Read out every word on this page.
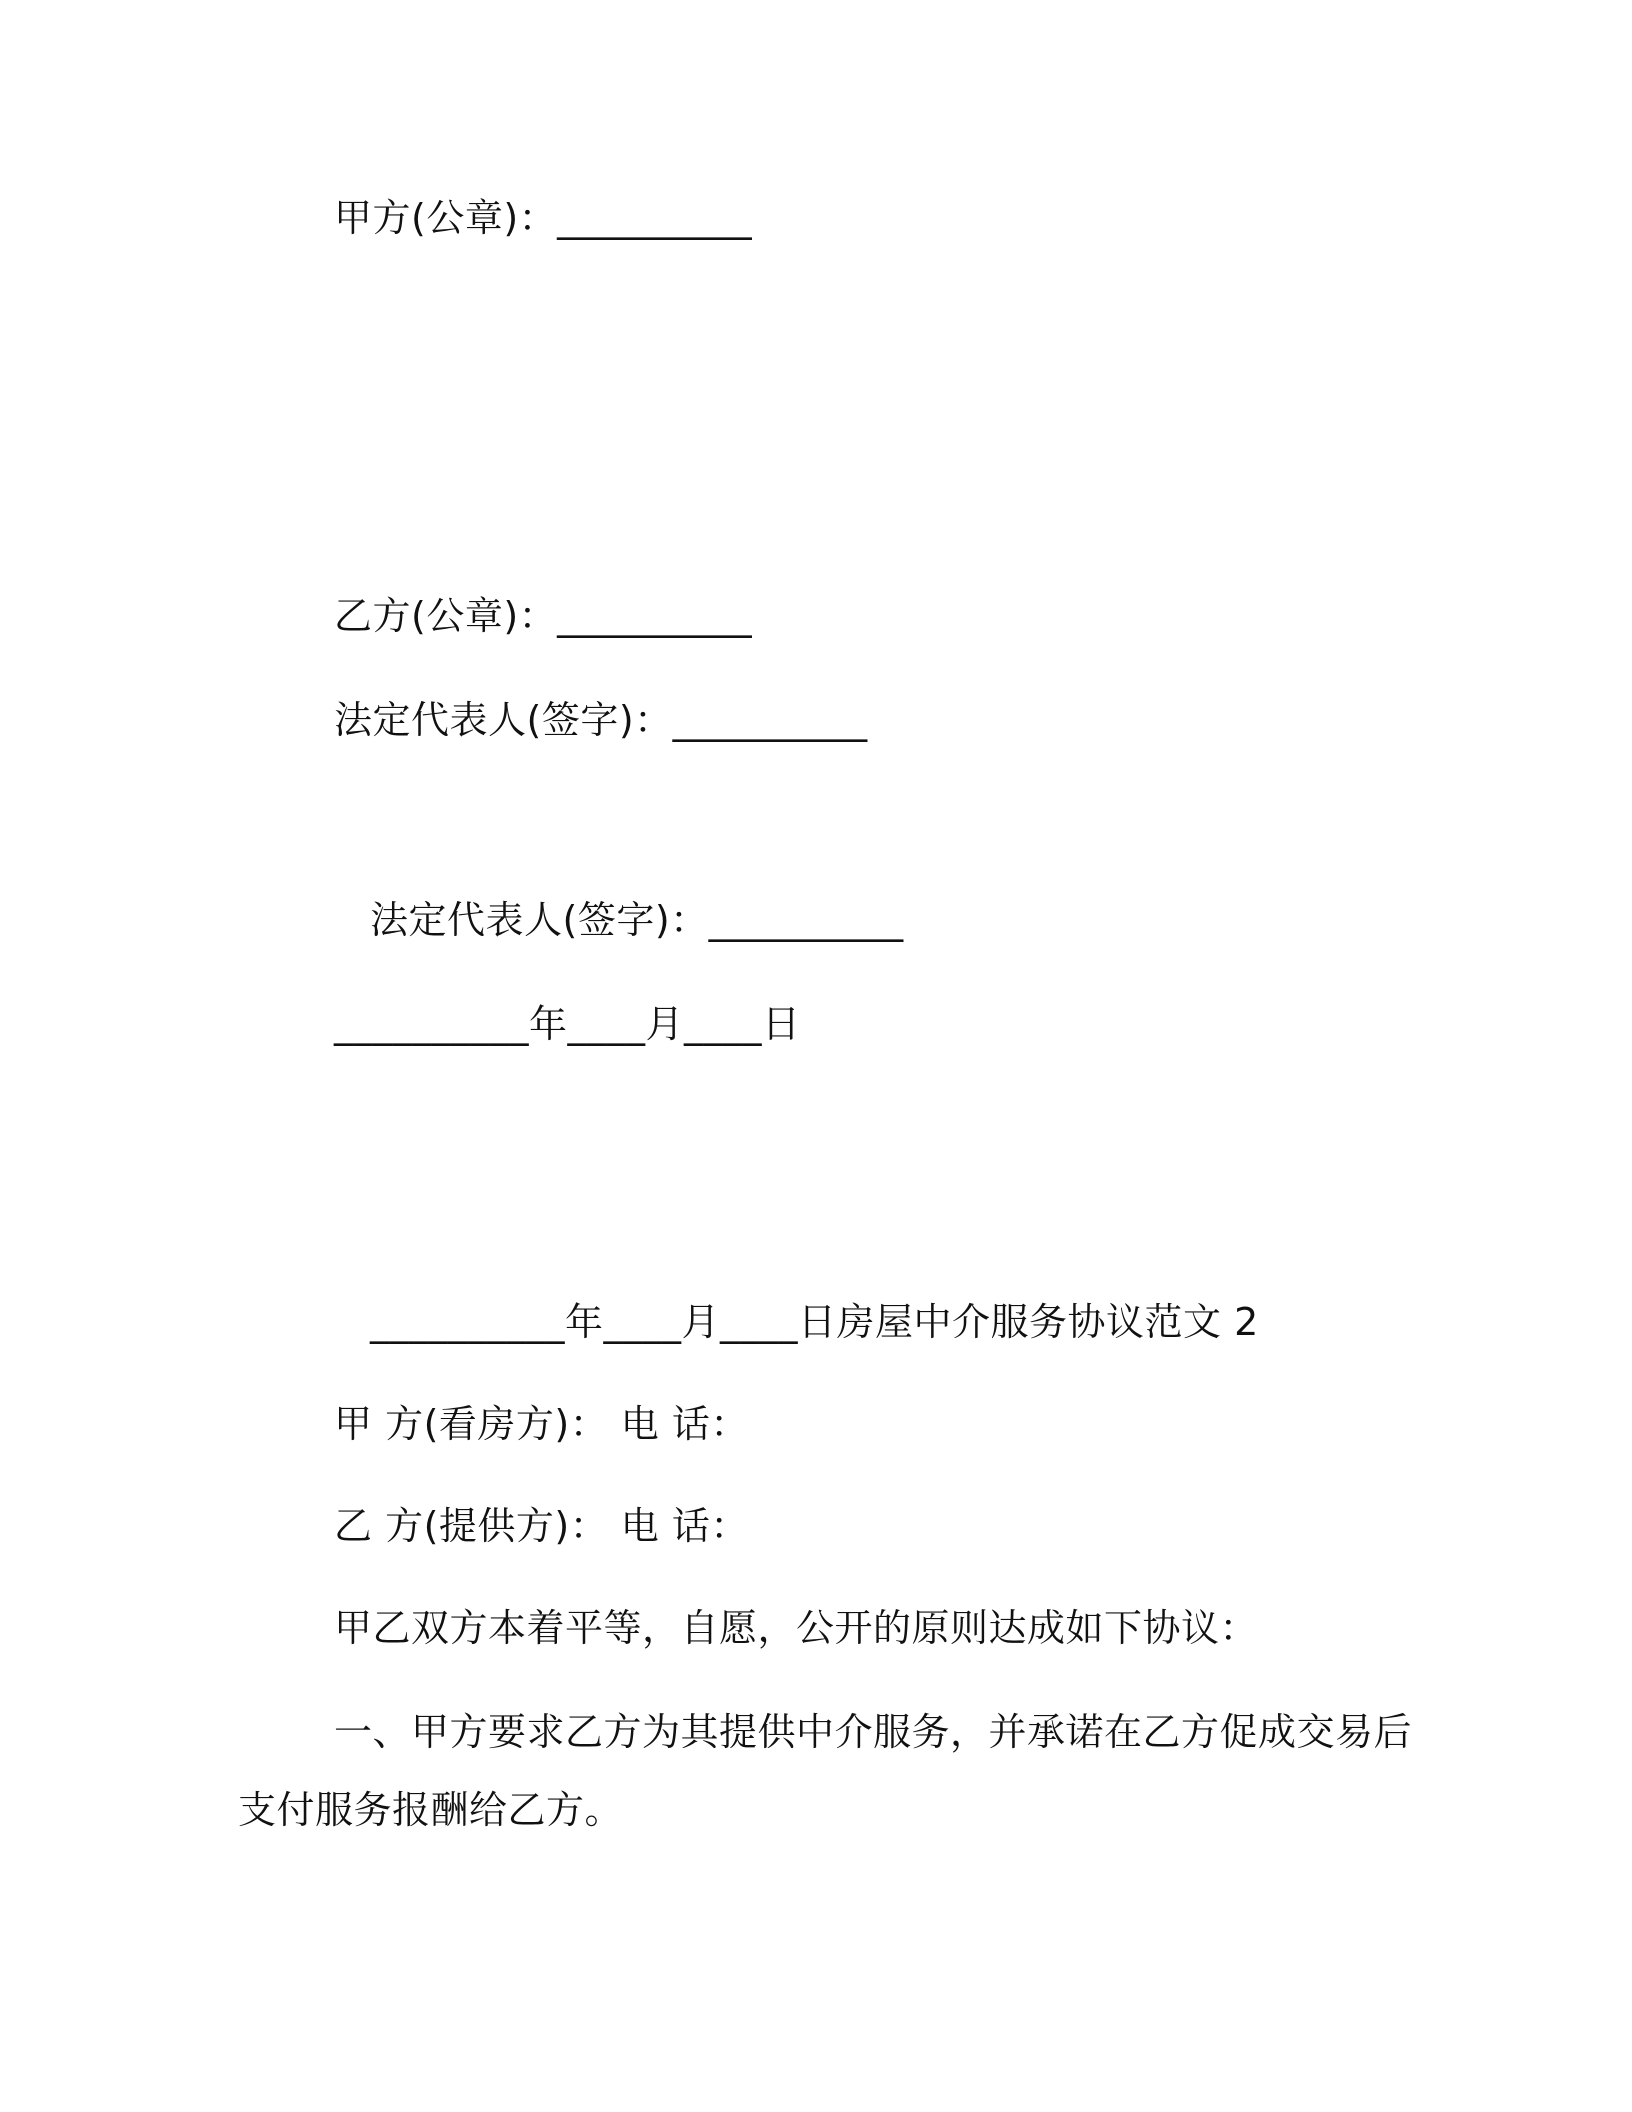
甲方(公章)：__________
乙方(公章)：__________
法定代表人(签字)：__________
法定代表人(签字)：__________
__________年____月____日
__________年____月____日房屋中介服务协议范文 2
甲 方(看房方)： 电 话：
乙 方(提供方)： 电 话：
甲乙双方本着平等，自愿，公开的原则达成如下协议：
一、甲方要求乙方为其提供中介服务，并承诺在乙方促成交易后
支付服务报酬给乙方。
